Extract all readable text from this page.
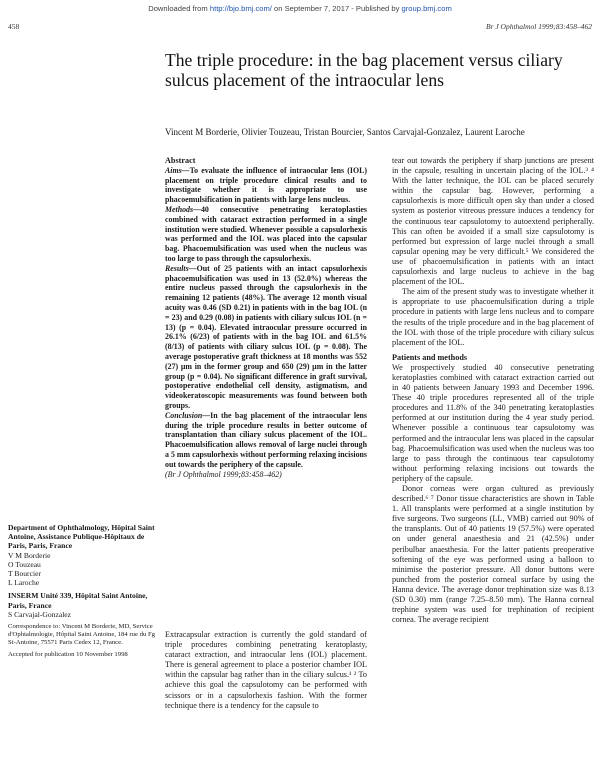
Downloaded from http://bjo.bmj.com/ on September 7, 2017 - Published by group.bmj.com
458	Br J Ophthalmol 1999;83:458–462
The triple procedure: in the bag placement versus ciliary sulcus placement of the intraocular lens
Vincent M Borderie, Olivier Touzeau, Tristan Bourcier, Santos Carvajal-Gonzalez, Laurent Laroche
Abstract

Aims—To evaluate the influence of intraocular lens (IOL) placement on triple procedure clinical results and to investigate whether it is appropriate to use phacoemulsification in patients with large lens nucleus.

Methods—40 consecutive penetrating keratoplasties combined with cataract extraction performed in a single institution were studied. Whenever possible a capsulorhexis was performed and the IOL was placed into the capsular bag. Phacoemulsification was used when the nucleus was too large to pass through the capsulorhexis.

Results—Out of 25 patients with an intact capsulorhexis phacoemulsification was used in 13 (52.0%) whereas the entire nucleus passed through the capsulorhexis in the remaining 12 patients (48%). The average 12 month visual acuity was 0.46 (SD 0.21) in patients with in the bag IOL (n = 23) and 0.29 (0.08) in patients with ciliary sulcus IOL (n = 13) (p = 0.04). Elevated intraocular pressure occurred in 26.1% (6/23) of patients with in the bag IOL and 61.5% (8/13) of patients with ciliary sulcus IOL (p = 0.08). The average postoperative graft thickness at 18 months was 552 (27) µm in the former group and 650 (29) µm in the latter group (p = 0.04). No significant difference in graft survival, postoperative endothelial cell density, astigmatism, and videokeratoscopic measurements was found between both groups.

Conclusion—In the bag placement of the intraocular lens during the triple procedure results in better outcome of transplantation than ciliary sulcus placement of the IOL. Phacoemulsification allows removal of large nuclei through a 5 mm capsulorhexis without performing relaxing incisions out towards the periphery of the capsule.

(Br J Ophthalmol 1999;83:458–462)

Department of Ophthalmology, Hôpital Saint Antoine, Assistance Publique-Hôpitaux de Paris, Paris, France
V M Borderie
O Touzeau
T Bourcier
L Laroche
INSERM Unité 339, Hôpital Saint Antoine, Paris, France
S Carvajal-Gonzalez
Correspondence to: Vincent M Borderie, MD, Service d'Ophtalmologie, Hôpital Saint Antoine, 184 rue du Fg St-Antoine, 75571 Paris Cedex 12, France.
Accepted for publication 10 November 1998
Extracapsular extraction is currently the gold standard of triple procedures combining penetrating keratoplasty, cataract extraction, and intraocular lens (IOL) placement. There is general agreement to place a posterior chamber IOL within the capsular bag rather than in the ciliary sulcus.¹ ² To achieve this goal the capsulotomy can be performed with scissors or in a capsulorhexis fashion. With the former technique there is a tendency for the capsule to

tear out towards the periphery if sharp junctions are present in the capsule, resulting in uncertain placing of the IOL.³ ⁴ With the latter technique, the IOL can be placed securely within the capsular bag. However, performing a capsulorhexis is more difficult open sky than under a closed system as posterior vitreous pressure induces a tendency for the continuous tear capsulotomy to autoextend peripherally. This can often be avoided if a small size capsulotomy is performed but expression of large nuclei through a small capsular opening may be very difficult.⁵ We considered the use of phacoemulsification in patients with an intact capsulorhexis and large nucleus to achieve in the bag placement of the IOL.

The aim of the present study was to investigate whether it is appropriate to use phacoemulsification during a triple procedure in patients with large lens nucleus and to compare the results of the triple procedure and in the bag placement of the IOL with those of the triple procedure with ciliary sulcus placement of the IOL.

Patients and methods

We prospectively studied 40 consecutive penetrating keratoplasties combined with cataract extraction carried out in 40 patients between January 1993 and December 1996. These 40 triple procedures represented all of the triple procedures and 11.8% of the 340 penetrating keratoplasties performed at our institution during the 4 year study period. Whenever possible a continuous tear capsulotomy was performed and the intraocular lens was placed in the capsular bag. Phacoemulsification was used when the nucleus was too large to pass through the continuous tear capsulotomy without performing relaxing incisions out towards the periphery of the capsule.

Donor corneas were organ cultured as previously described.⁶ ⁷ Donor tissue characteristics are shown in Table 1. All transplants were performed at a single institution by five surgeons. Two surgeons (LL, VMB) carried out 90% of the transplants. Out of 40 patients 19 (57.5%) were operated on under general anaesthesia and 21 (42.5%) under peribulbar anaesthesia. For the latter patients preoperative softening of the eye was performed using a balloon to minimise the posterior pressure. All donor buttons were punched from the posterior corneal surface by using the Hanna device. The average donor trephination size was 8.13 (SD 0.30) mm (range 7.25–8.50 mm). The Hanna corneal trephine system was used for trephination of recipient cornea. The average recipient
